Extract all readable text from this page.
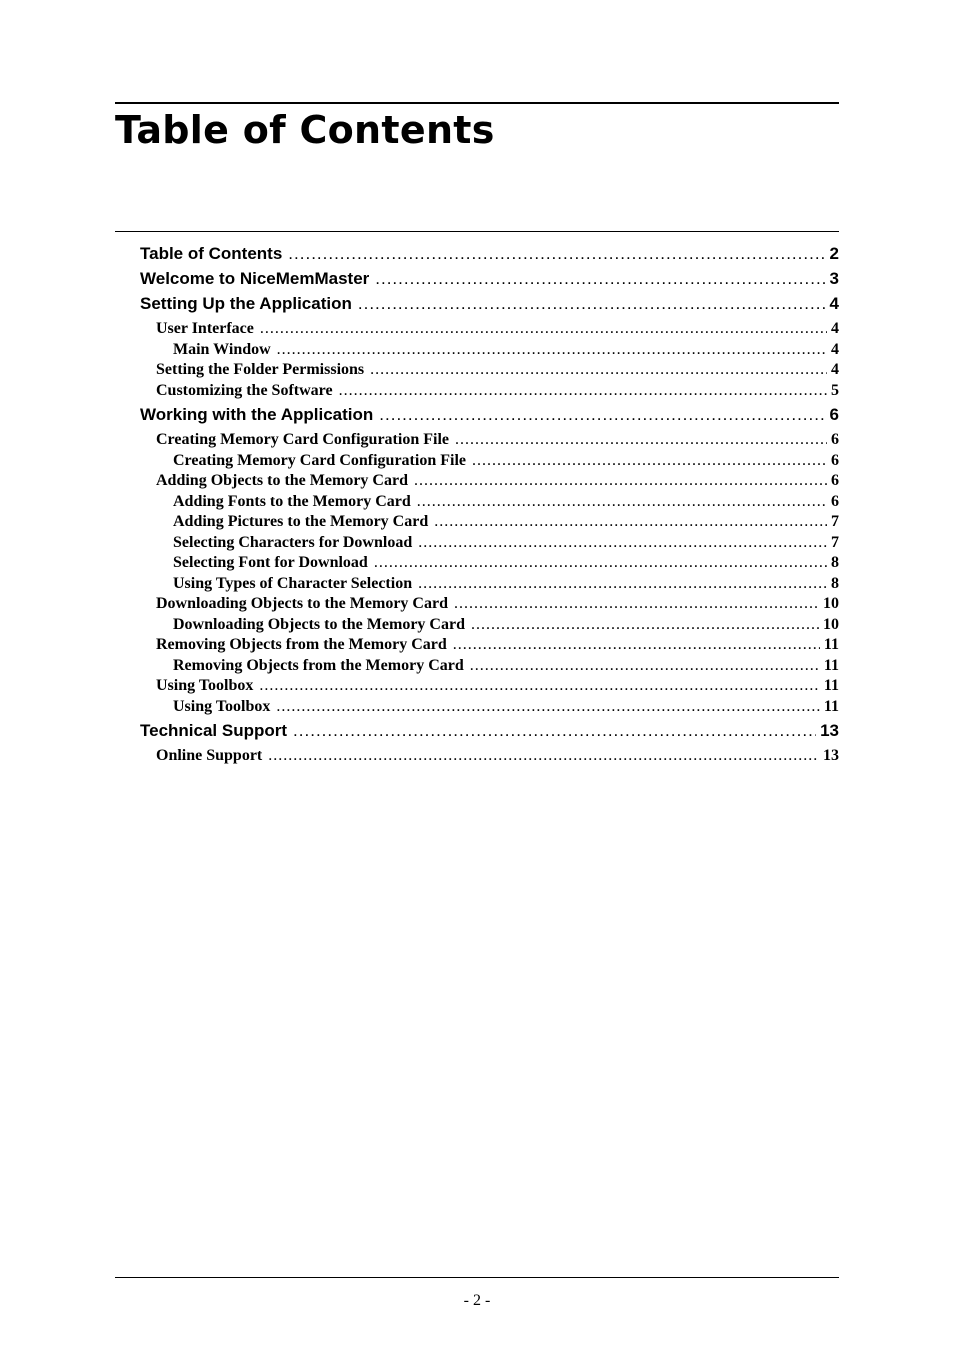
Table of Contents
Table of Contents .....	2
Welcome to NiceMemMaster .....	3
Setting Up the Application .....	4
User Interface .....	4
Main Window .....	4
Setting the Folder Permissions .....	4
Customizing the Software .....	5
Working with the Application .....	6
Creating Memory Card Configuration File .....	6
Creating Memory Card Configuration File .....	6
Adding Objects to the Memory Card .....	6
Adding Fonts to the Memory Card .....	6
Adding Pictures to the Memory Card .....	7
Selecting Characters for Download .....	7
Selecting Font for Download .....	8
Using Types of Character Selection .....	8
Downloading Objects to the Memory Card .....	10
Downloading Objects to the Memory Card .....	10
Removing Objects from the Memory Card .....	11
Removing Objects from the Memory Card .....	11
Using Toolbox .....	11
Using Toolbox .....	11
Technical Support .....	13
Online Support .....	13
- 2 -
